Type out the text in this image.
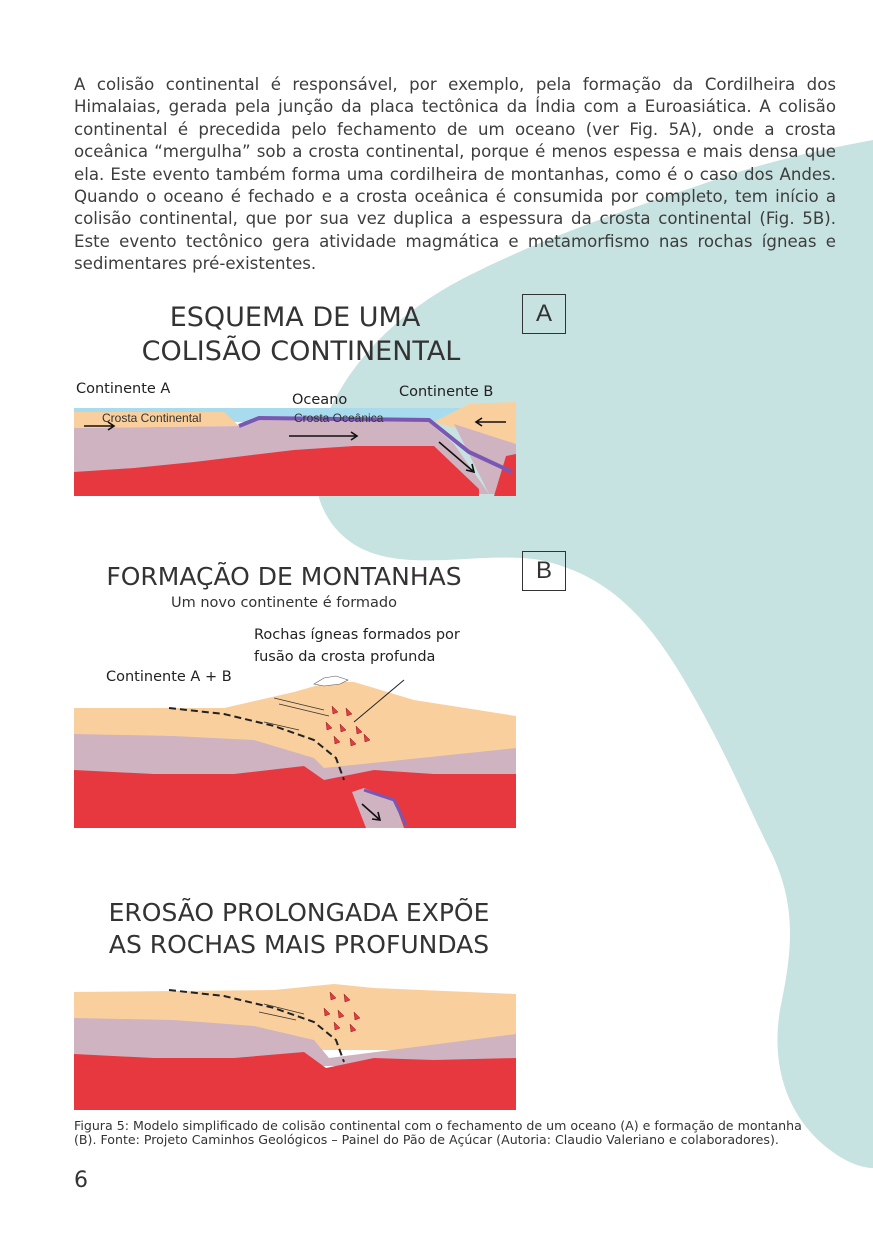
A colisão continental é responsável, por exemplo, pela formação da Cordilheira dos Himalaias, gerada pela junção da placa tectônica da Índia com a Euroasiática. A colisão continental é precedida pelo fechamento de um oceano (ver Fig. 5A), onde a crosta oceânica “mergulha” sob a crosta continental, porque é menos espessa e mais densa que ela. Este evento também forma uma cordilheira de montanhas, como é o caso dos Andes. Quando o oceano é fechado e a crosta oceânica é consumida por completo, tem início a colisão continental, que por sua vez duplica a espessura da crosta continental (Fig. 5B). Este evento tectônico gera atividade magmática e metamorfismo nas rochas ígneas e sedimentares pré-existentes.

ESQUEMA DE UMA
COLISÃO CONTINENTAL
A
Continente A	Continente B
Oceano
Crosta Continental	Crosta Oceânica
FORMAÇÃO DE MONTANHAS
Um novo continente é formado
B
Rochas ígneas formados por
fusão da crosta profunda
Continente A + B
EROSÃO PROLONGADA EXPÕE
AS ROCHAS MAIS PROFUNDAS

Figura 5: Modelo simplificado de colisão continental com o fechamento de um oceano (A) e formação de montanha (B). Fonte: Projeto Caminhos Geológicos – Painel do Pão de Açúcar (Autoria: Claudio Valeriano e colaboradores).

6
